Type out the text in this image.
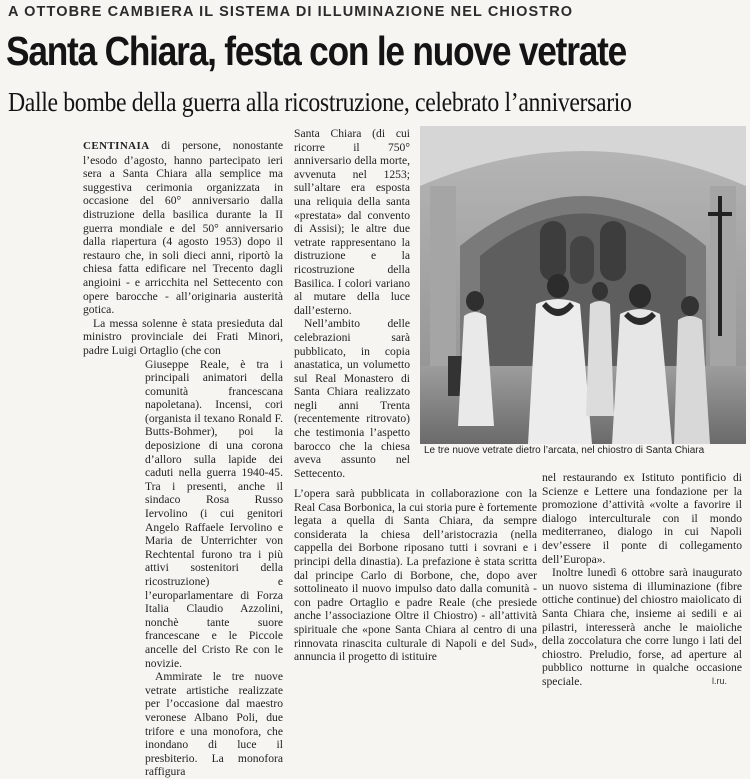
A OTTOBRE CAMBIERA IL SISTEMA DI ILLUMINAZIONE NEL CHIOSTRO
Santa Chiara, festa con le nuove vetrate
Dalle bombe della guerra alla ricostruzione, celebrato l’anniversario

CENTINAIA di persone, nonostante l’esodo d’agosto, hanno partecipato ieri sera a Santa Chiara alla semplice ma suggestiva cerimonia organizzata in occasione del 60° anniversario dalla distruzione della basilica durante la II guerra mondiale e del 50° anniversario dalla riapertura (4 agosto 1953) dopo il restauro che, in soli dieci anni, riportò la chiesa fatta edificare nel Trecento dagli angioini - e arricchita nel Settecento con opere barocche - all’originaria austerità gotica.

La messa solenne è stata presieduta dal ministro provinciale dei Frati Minori, padre Luigi Ortaglio (che con

Giuseppe Reale, è tra i principali animatori della comunità francescana napoletana). Incensi, cori (organista il texano Ronald F. Butts-Bohmer), poi la deposizione di una corona d’alloro sulla lapide dei caduti nella guerra 1940-45. Tra i presenti, anche il sindaco Rosa Russo Iervolino (i cui genitori Angelo Raffaele Iervolino e Maria de Unterrichter von Rechtental furono tra i più attivi sostenitori della ricostruzione) e l’europarlamentare di Forza Italia Claudio Azzolini, nonchè tante suore francescane e le Piccole ancelle del Cristo Re con le novizie.

Ammirate le tre nuove vetrate artistiche realizzate per l’occasione dal maestro veronese Albano Poli, due trifore e una monofora, che inondano di luce il presbiterio. La monofora raffigura

Santa Chiara (di cui ricorre il 750° anniversario della morte, avvenuta nel 1253; sull’altare era esposta una reliquia della santa «prestata» dal convento di Assisi); le altre due vetrate rappresentano la distruzione e la ricostruzione della Basilica. I colori variano al mutare della luce dall’esterno.

Nell’ambito delle celebrazioni sarà pubblicato, in copia anastatica, un volumetto sul Real Monastero di Santa Chiara realizzato negli anni Trenta (recentemente ritrovato) che testimonia l’aspetto barocco che la chiesa aveva assunto nel Settecento.

L’opera sarà pubblicata in collaborazione con la Real Casa Borbonica, la cui storia pure è fortemente legata a quella di Santa Chiara, da sempre considerata la chiesa dell’aristocrazia (nella cappella dei Borbone riposano tutti i sovrani e i principi della dinastia). La prefazione è stata scritta dal principe Carlo di Borbone, che, dopo aver sottolineato il nuovo impulso dato dalla comunità - con padre Ortaglio e padre Reale (che presiede anche l’associazione Oltre il Chiostro) - all’attività spirituale che «pone Santa Chiara al centro di una rinnovata rinascita culturale di Napoli e del Sud», annuncia il progetto di istituire

nel restaurando ex Istituto pontificio di Scienze e Lettere una fondazione per la promozione d’attività «volte a favorire il dialogo interculturale con il mondo mediterraneo, dialogo in cui Napoli dev’essere il ponte di collegamento dell’Europa».

Inoltre lunedì 6 ottobre sarà inaugurato un nuovo sistema di illuminazione (fibre ottiche continue) del chiostro maiolicato di Santa Chiara che, insieme ai sedili e ai pilastri, interesserà anche le maioliche della zoccolatura che corre lungo i lati del chiostro. Preludio, forse, ad aperture al pubblico notturne in qualche occasione speciale.

Le tre nuove vetrate dietro l’arcata, nel chiostro di Santa Chiara
l.ru.
